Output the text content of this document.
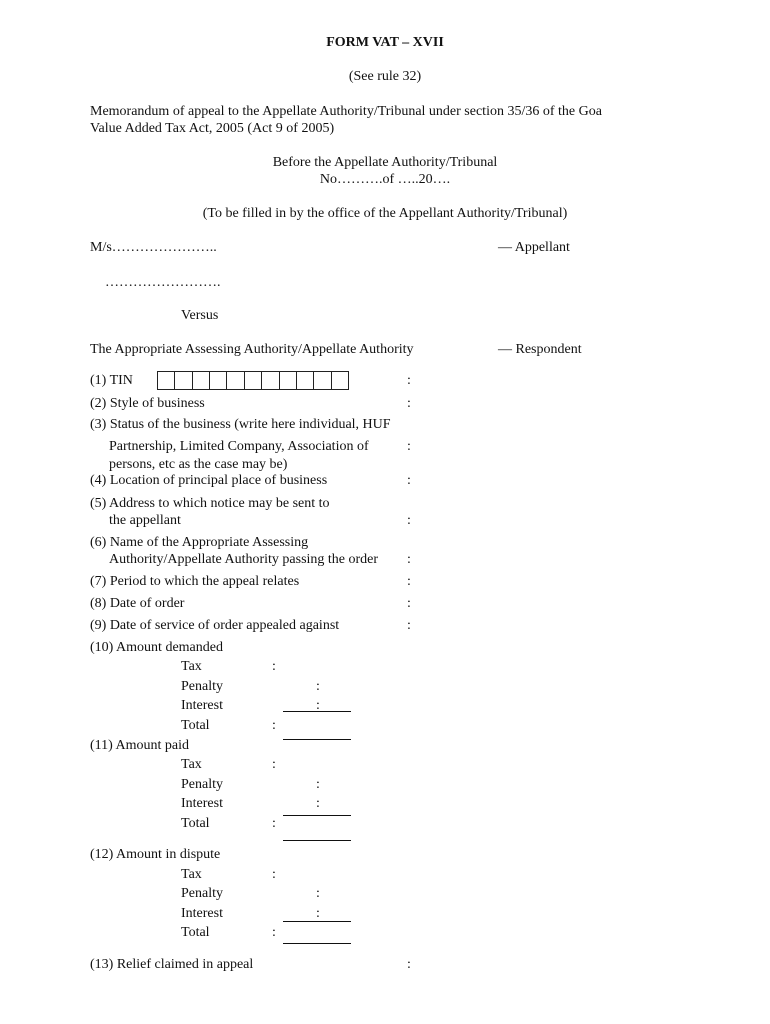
FORM VAT – XVII
(See rule 32)
Memorandum of appeal to the Appellate Authority/Tribunal under section 35/36 of the Goa
Value Added Tax Act, 2005 (Act 9 of 2005)
Before the Appellate Authority/Tribunal
No……….of …..20….
(To be filled in by the office of the Appellant Authority/Tribunal)
M/s…………………..	— Appellant
…………………….
Versus
The Appropriate Assessing Authority/Appellate Authority	— Respondent
(1) TIN	:
(2) Style of business	:
(3) Status of the business (write here individual, HUF
Partnership, Limited Company, Association of	:
persons, etc as the case may be)
(4) Location of principal place of business	:
(5) Address to which notice may be sent to
the appellant	:
(6) Name of the Appropriate Assessing
Authority/Appellate Authority passing the order :
(7) Period to which the appeal relates	:
(8) Date of order	:
(9) Date of service of order appealed against	:
(10) Amount demanded
Tax	:
Penalty	:
Interest	:
Total	:
(11) Amount paid
Tax	:
Penalty	:
Interest	:
Total	:
(12) Amount in dispute
Tax	:
Penalty	:
Interest	:
Total	:
(13) Relief claimed in appeal	:
